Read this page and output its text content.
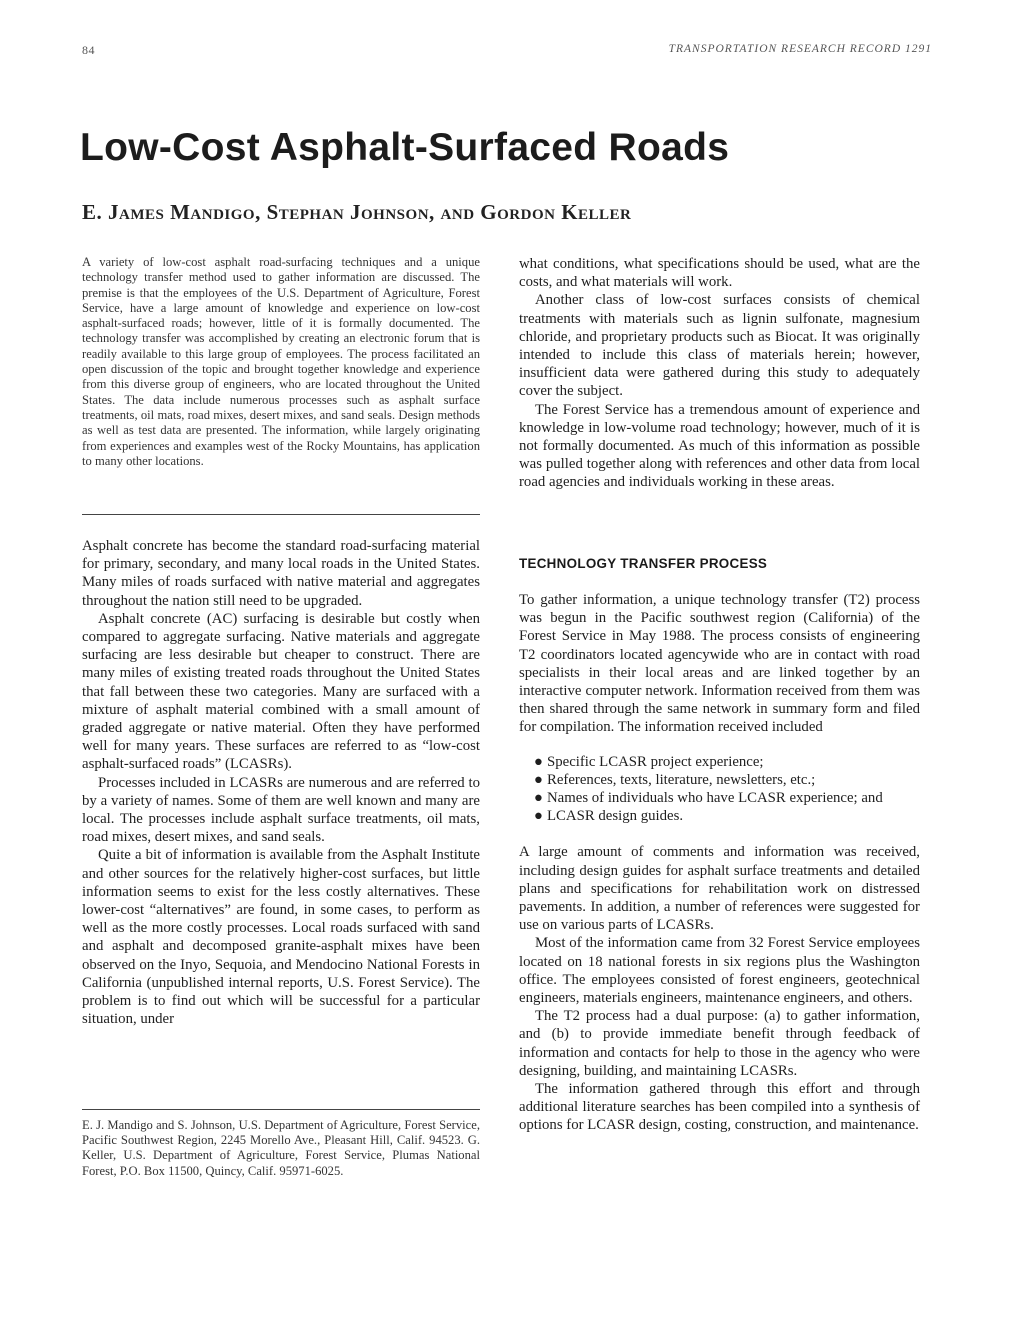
84	TRANSPORTATION RESEARCH RECORD 1291
Low-Cost Asphalt-Surfaced Roads
E. James Mandigo, Stephan Johnson, and Gordon Keller
A variety of low-cost asphalt road-surfacing techniques and a unique technology transfer method used to gather information are discussed. The premise is that the employees of the U.S. Department of Agriculture, Forest Service, have a large amount of knowledge and experience on low-cost asphalt-surfaced roads; however, little of it is formally documented. The technology transfer was accomplished by creating an electronic forum that is readily available to this large group of employees. The process facilitated an open discussion of the topic and brought together knowledge and experience from this diverse group of engineers, who are located throughout the United States. The data include numerous processes such as asphalt surface treatments, oil mats, road mixes, desert mixes, and sand seals. Design methods as well as test data are presented. The information, while largely originating from experiences and examples west of the Rocky Mountains, has application to many other locations.

Asphalt concrete has become the standard road-surfacing material for primary, secondary, and many local roads in the United States. Many miles of roads surfaced with native material and aggregates throughout the nation still need to be upgraded.

Asphalt concrete (AC) surfacing is desirable but costly when compared to aggregate surfacing. Native materials and aggregate surfacing are less desirable but cheaper to construct. There are many miles of existing treated roads throughout the United States that fall between these two categories. Many are surfaced with a mixture of asphalt material combined with a small amount of graded aggregate or native material. Often they have performed well for many years. These surfaces are referred to as “low-cost asphalt-surfaced roads” (LCASRs).

Processes included in LCASRs are numerous and are referred to by a variety of names. Some of them are well known and many are local. The processes include asphalt surface treatments, oil mats, road mixes, desert mixes, and sand seals.

Quite a bit of information is available from the Asphalt Institute and other sources for the relatively higher-cost surfaces, but little information seems to exist for the less costly alternatives. These lower-cost “alternatives” are found, in some cases, to perform as well as the more costly processes. Local roads surfaced with sand and asphalt and decomposed granite-asphalt mixes have been observed on the Inyo, Sequoia, and Mendocino National Forests in California (unpublished internal reports, U.S. Forest Service). The problem is to find out which will be successful for a particular situation, under

what conditions, what specifications should be used, what are the costs, and what materials will work.

Another class of low-cost surfaces consists of chemical treatments with materials such as lignin sulfonate, magnesium chloride, and proprietary products such as Biocat. It was originally intended to include this class of materials herein; however, insufficient data were gathered during this study to adequately cover the subject.

The Forest Service has a tremendous amount of experience and knowledge in low-volume road technology; however, much of it is not formally documented. As much of this information as possible was pulled together along with references and other data from local road agencies and individuals working in these areas.

TECHNOLOGY TRANSFER PROCESS

To gather information, a unique technology transfer (T2) process was begun in the Pacific southwest region (California) of the Forest Service in May 1988. The process consists of engineering T2 coordinators located agencywide who are in contact with road specialists in their local areas and are linked together by an interactive computer network. Information received from them was then shared through the same network in summary form and filed for compilation. The information received included

● Specific LCASR project experience;
● References, texts, literature, newsletters, etc.;
● Names of individuals who have LCASR experience; and
● LCASR design guides.

A large amount of comments and information was received, including design guides for asphalt surface treatments and detailed plans and specifications for rehabilitation work on distressed pavements. In addition, a number of references were suggested for use on various parts of LCASRs.

Most of the information came from 32 Forest Service employees located on 18 national forests in six regions plus the Washington office. The employees consisted of forest engineers, geotechnical engineers, materials engineers, maintenance engineers, and others.

The T2 process had a dual purpose: (a) to gather information, and (b) to provide immediate benefit through feedback of information and contacts for help to those in the agency who were designing, building, and maintaining LCASRs.

The information gathered through this effort and through additional literature searches has been compiled into a synthesis of options for LCASR design, costing, construction, and maintenance.

E. J. Mandigo and S. Johnson, U.S. Department of Agriculture, Forest Service, Pacific Southwest Region, 2245 Morello Ave., Pleasant Hill, Calif. 94523. G. Keller, U.S. Department of Agriculture, Forest Service, Plumas National Forest, P.O. Box 11500, Quincy, Calif. 95971-6025.
